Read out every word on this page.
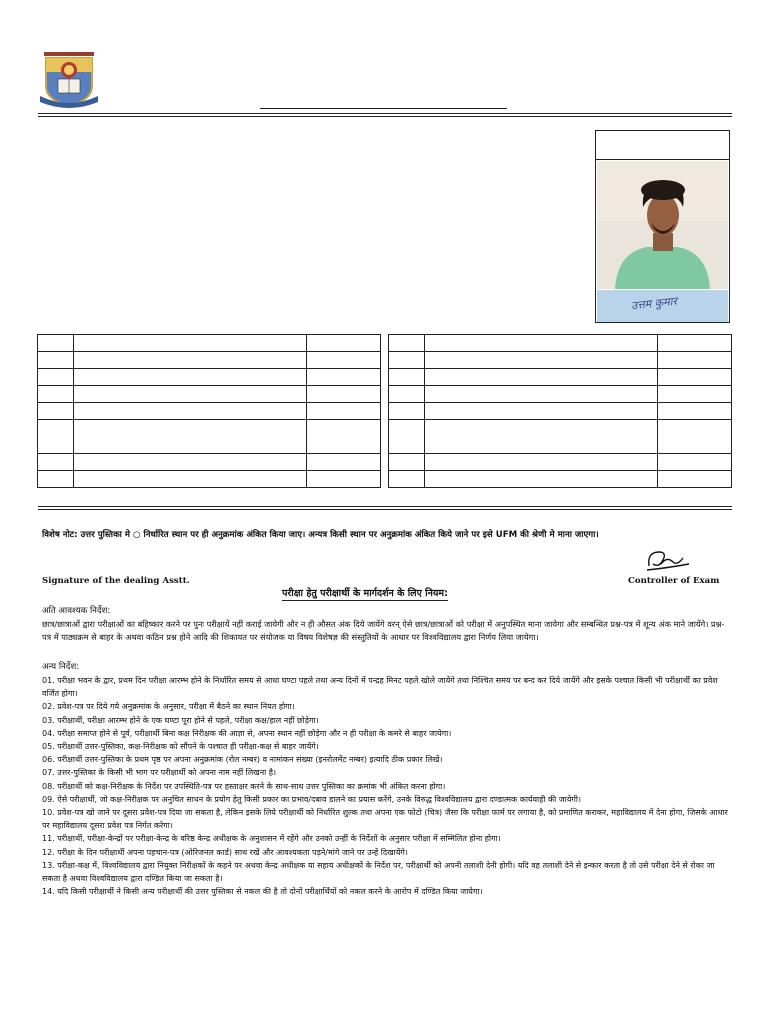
उत्तम कुमार

विशेष नोट: उत्तर पुस्तिका मे ○ निर्धारित स्थान पर ही अनुक्रमांक अंकित किया जाए। अन्यत्र किसी स्थान पर अनुक्रमांक अंकित किये जाने पर इसे UFM की श्रेणी मे माना जाएगा।
Signature of the dealing Asstt.	Controller of Exam
परीक्षा हेतु परीक्षार्थी के मार्गदर्शन के लिए नियम:
अति आवश्यक निर्देश:
छात्र/छात्राओं द्वारा परीक्षाओं का बहिष्कार करने पर पुनः परीक्षायें नहीं कराई जायेगी और न ही औसत अंक दिये जायेंगे वरन् ऐसे छात्र/छात्राओं को परीक्षा में अनुपस्थित माना जायेगा और सम्बन्धित प्रश्न-पत्र में शून्य अंक माने जायेंगे। प्रश्न-पत्र में पाठ्यक्रम से बाहर के अथवा कठिन प्रश्न होने आदि की शिकायत पर संयोजक या विषय विशेषज्ञ की संस्तुतियों के आधार पर विश्वविद्यालय द्वारा निर्णय लिया जायेगा।
अन्य निर्देश:
01. परीक्षा भवन के द्वार, प्रथम दिन परीक्षा आरम्भ होने के निर्धारित समय से आधा घण्टा पहले तथा अन्य दिनों में पन्द्रह मिनट पहले खोले जायेंगे तथा निश्चित समय पर बन्द कर दिये जायेंगे और इसके पश्चात किसी भी परीक्षार्थी का प्रवेश वर्जित होगा।
02. प्रवेश-पत्र पर दिये गये अनुक्रमांक के अनुसार, परीक्षा में बैठने का स्थान नियत होगा।
03. परीक्षार्थी, परीक्षा आरम्भ होने के एक घण्टा पूरा होने से पहले, परीक्षा कक्ष/हाल नहीं छोड़ेगा।
04. परीक्षा समाप्त होने से पूर्व, परीक्षार्थी बिना कक्ष निरीक्षक की आज्ञा से, अपना स्थान नहीं छोड़ेगा और न ही परीक्षा के कमरे से बाहर जायेगा।
05. परीक्षार्थी उत्तर-पुस्तिका, कक्ष-निरीक्षक को सौंपने के पश्चात ही परीक्षा-कक्ष से बाहर जायेंगे।
06. परीक्षार्थी उत्तर-पुस्तिका के प्रथम पृष्ठ पर अपना अनुक्रमांक (रोल नम्बर) व नामांकन संख्या (इनरोलमेंट नम्बर) इत्यादि ठीक प्रकार लिखें।
07. उत्तर-पुस्तिका के किसी भी भाग पर परीक्षार्थी को अपना नाम नहीं लिखना है।
08. परीक्षार्थी को कक्ष-निरीक्षक के निर्देश पर उपस्थिति-पत्र पर हस्ताक्षर करने के साथ-साथ उत्तर पुस्तिका का क्रमांक भी अंकित करना होगा।
09. ऐसे परीक्षार्थी, जो कक्ष-निरीक्षक पर अनुचित साधन के प्रयोग हेतु किसी प्रकार का प्रभाव/दबाव डालने का प्रयास करेंगे, उनके विरुद्ध विश्वविद्यालय द्वारा दण्डात्मक कार्यवाही की जायेगी।
10. प्रवेश-पत्र खो जाने पर दूसरा प्रवेश-पत्र दिया जा सकता है, लेकिन इसके लिये परीक्षार्थी को निर्धारित शुल्क तथा अपना एक फोटो (चित्र) जैसा कि परीक्षा फार्म पर लगाया है, को प्रमाणित कराकर, महाविद्यालय में देना होगा, जिसके आधार पर महाविद्यालय दूसरा प्रवेश पत्र निर्गत करेगा।
11. परीक्षार्थी, परीक्षा-केन्द्रों पर परीक्षा-केन्द्र के वरिष्ठ केन्द्र अधीक्षक के अनुशासन में रहेंगे और उनको उन्हीं के निर्देशों के अनुसार परीक्षा में सम्मिलित होना होगा।
12. परीक्षा के दिन परीक्षार्थी अपना पहचान-पत्र (ओरिजनल कार्ड) साथ रखें और आवश्यकता पड़ने/मांगे जाने पर उन्हें दिखायेंगे।
13. परीक्षा-कक्ष में, विश्वविद्यालय द्वारा नियुक्त निरीक्षकों के कहने पर अथवा केन्द्र अधीक्षक या सहाय अधीक्षकों के निर्देश पर, परीक्षार्थी को अपनी तलाशी देनी होगी। यदि वह तलाशी देने से इन्कार करता है तो उसे परीक्षा देने से रोका जा सकता है अथवा विश्वविद्यालय द्वारा दण्डित किया जा सकता है।
14. यदि किसी परीक्षार्थी ने किसी अन्य परीक्षार्थी की उत्तर पुस्तिका से नकल की है तो दोनों परीक्षार्थियों को नकल करने के आरोप में दण्डित किया जायेगा।
